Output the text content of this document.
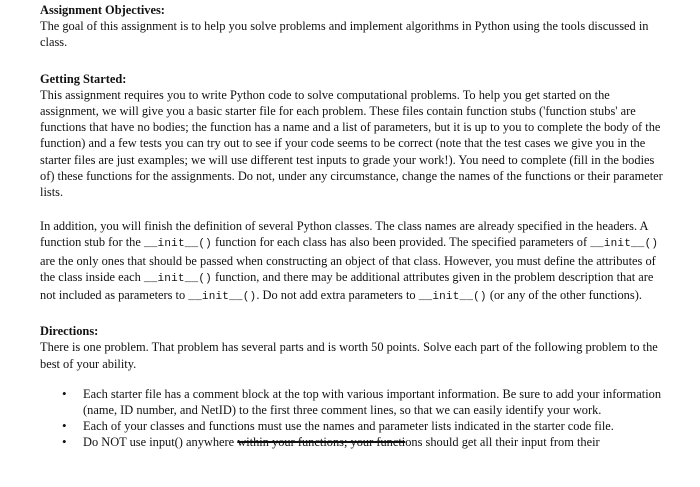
Assignment Objectives:

The goal of this assignment is to help you solve problems and implement algorithms in Python using the tools discussed in class.

Getting Started:

This assignment requires you to write Python code to solve computational problems. To help you get started on the assignment, we will give you a basic starter file for each problem. These files contain function stubs ('function stubs' are functions that have no bodies; the function has a name and a list of parameters, but it is up to you to complete the body of the function) and a few tests you can try out to see if your code seems to be correct (note that the test cases we give you in the starter files are just examples; we will use different test inputs to grade your work!). You need to complete (fill in the bodies of) these functions for the assignments. Do not, under any circumstance, change the names of the functions or their parameter lists.

In addition, you will finish the definition of several Python classes. The class names are already specified in the headers. A function stub for the __init__() function for each class has also been provided. The specified parameters of __init__() are the only ones that should be passed when constructing an object of that class. However, you must define the attributes of the class inside each __init__() function, and there may be additional attributes given in the problem description that are not included as parameters to __init__(). Do not add extra parameters to __init__() (or any of the other functions).

Directions:

There is one problem. That problem has several parts and is worth 50 points. Solve each part of the following problem to the best of your ability.

• Each starter file has a comment block at the top with various important information. Be sure to add your information (name, ID number, and NetID) to the first three comment lines, so that we can easily identify your work.
• Each of your classes and functions must use the names and parameter lists indicated in the starter code file.
• Do NOT use input() anywhere within your functions; your functions should get all their input from their
